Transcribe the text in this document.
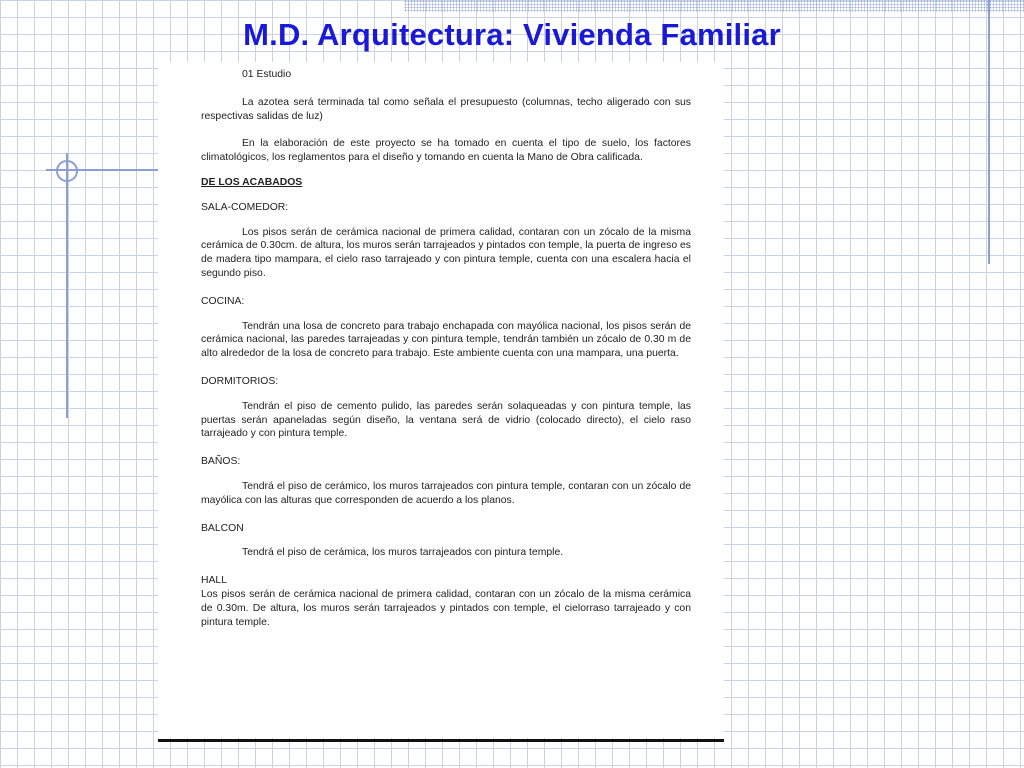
M.D. Arquitectura: Vivienda Familiar

01 Estudio

La azotea será terminada tal como señala el presupuesto (columnas, techo aligerado con sus respectivas salidas de luz)

En la elaboración de este proyecto se ha tomado en cuenta el tipo de suelo, los factores climatológicos, los reglamentos para el diseño y tomando en cuenta la Mano de Obra calificada.

DE LOS ACABADOS

SALA-COMEDOR:

Los pisos serán de cerámica nacional de primera calidad, contaran con un zócalo de la misma cerámica de 0.30cm. de altura, los muros serán tarrajeados y pintados con temple, la puerta de ingreso es de madera tipo mampara, el cielo raso tarrajeado y con pintura temple, cuenta con una escalera hacia el segundo piso.

COCINA:

Tendrán una losa de concreto para trabajo enchapada con mayólica nacional, los pisos serán de cerámica nacional, las paredes tarrajeadas y con pintura temple, tendrán también un zócalo de 0.30 m de alto alrededor de la losa de concreto para trabajo. Este ambiente cuenta con una mampara, una puerta.

DORMITORIOS:

Tendrán el piso de cemento pulido, las paredes serán solaqueadas y con pintura temple, las puertas serán apaneladas según diseño, la ventana será de vidrio (colocado directo), el cielo raso tarrajeado y con pintura temple.

BAÑOS:

Tendrá el piso de cerámico, los muros tarrajeados con pintura temple, contaran con un zócalo de mayólica con las alturas que corresponden de acuerdo a los planos.

BALCON

Tendrá el piso de cerámica, los muros tarrajeados con pintura temple.

HALL

Los pisos serán de cerámica nacional de primera calidad, contaran con un zócalo de la misma cerámica de 0.30m. De altura, los muros serán tarrajeados y pintados con temple, el cielorraso tarrajeado y con pintura temple.
